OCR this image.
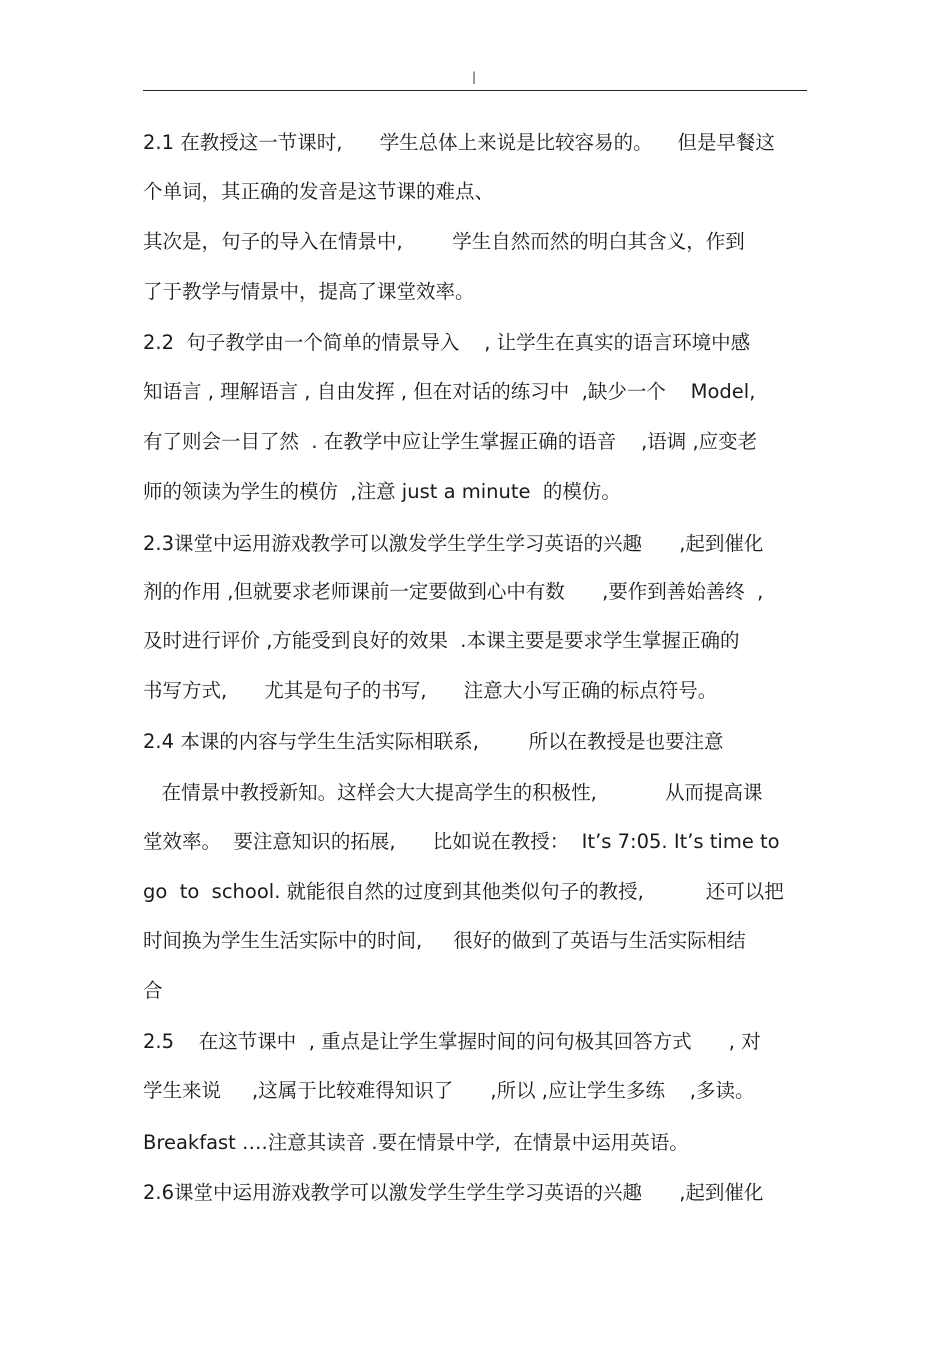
|
2.1 在教授这一节课时,      学生总体上来说是比较容易的。    但是早餐这
个单词，其正确的发音是这节课的难点、
其次是，句子的导入在情景中,        学生自然而然的明白其含义，作到
了于教学与情景中，提高了课堂效率。
2.2  句子教学由一个简单的情景导入    , 让学生在真实的语言环境中感
知语言 , 理解语言 , 自由发挥 , 但在对话的练习中  ,缺少一个    Model,
有了则会一目了然  . 在教学中应让学生掌握正确的语音    ,语调 ,应变老
师的领读为学生的模仿  ,注意 just a minute  的模仿。
2.3课堂中运用游戏教学可以激发学生学生学习英语的兴趣      ,起到催化
剂的作用 ,但就要求老师课前一定要做到心中有数      ,要作到善始善终  ,
及时进行评价 ,方能受到良好的效果  .本课主要是要求学生掌握正确的
书写方式,      尤其是句子的书写,      注意大小写正确的标点符号。
2.4 本课的内容与学生生活实际相联系,        所以在教授是也要注意
在情景中教授新知。这样会大大提高学生的积极性,           从而提高课
堂效率。  要注意知识的拓展,      比如说在教授：  It’s 7:05. It’s time to
go  to  school. 就能很自然的过度到其他类似句子的教授,          还可以把
时间换为学生生活实际中的时间,     很好的做到了英语与生活实际相结
合
2.5    在这节课中  , 重点是让学生掌握时间的问句极其回答方式      , 对
学生来说     ,这属于比较难得知识了      ,所以 ,应让学生多练    ,多读。
Breakfast ….注意其读音 .要在情景中学,  在情景中运用英语。
2.6课堂中运用游戏教学可以激发学生学生学习英语的兴趣      ,起到催化
